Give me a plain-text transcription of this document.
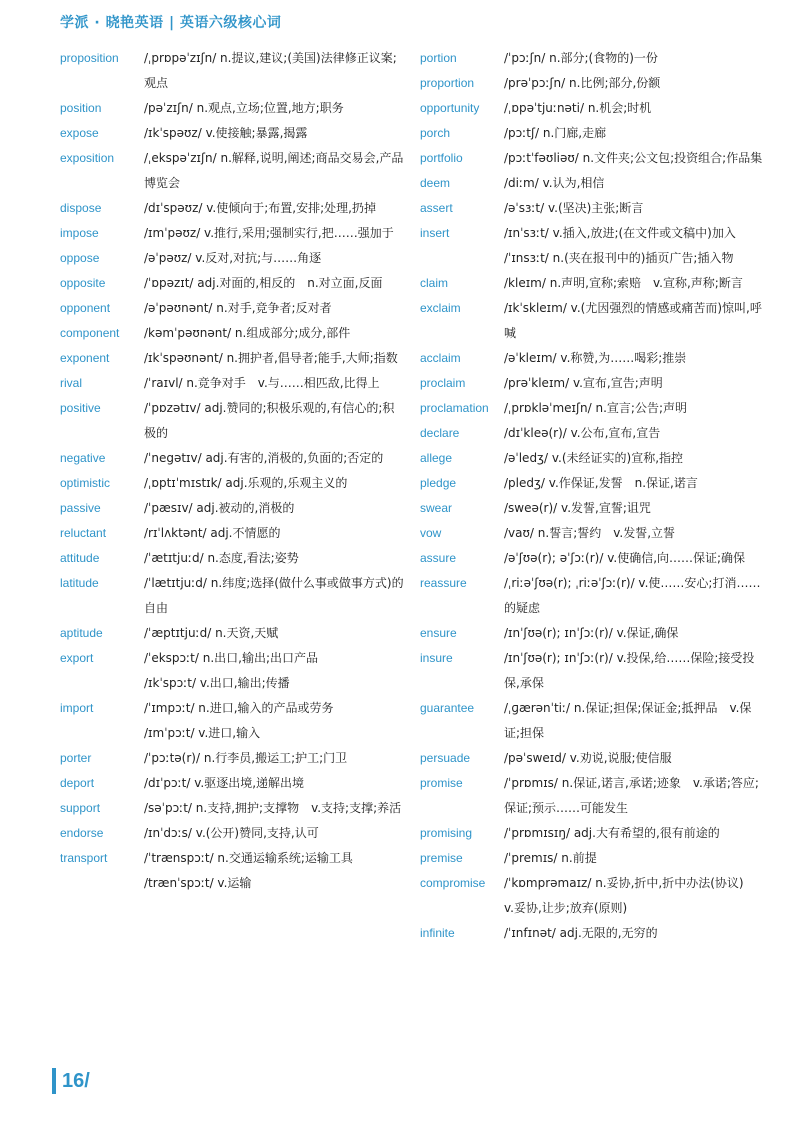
学派 · 晓艳英语 | 英语六级核心词
proposition	/ˌprɒpəˈzɪʃn/ n.提议,建议;(美国)法律修正议案;观点
position	/pəˈzɪʃn/ n.观点,立场;位置,地方;职务
expose	/ɪkˈspəʊz/ v.使接触;暴露,揭露
exposition	/ˌekspəˈzɪʃn/ n.解释,说明,阐述;商品交易会,产品博览会
dispose	/dɪˈspəʊz/ v.使倾向于;布置,安排;处理,扔掉
impose	/ɪmˈpəʊz/ v.推行,采用;强制实行,把……强加于
oppose	/əˈpəʊz/ v.反对,对抗;与……角逐
opposite	/ˈɒpəzɪt/ adj.对面的,相反的　n.对立面,反面
opponent	/əˈpəʊnənt/ n.对手,竞争者;反对者
component	/kəmˈpəʊnənt/ n.组成部分;成分,部件
exponent	/ɪkˈspəʊnənt/ n.拥护者,倡导者;能手,大师;指数
rival	/ˈraɪvl/ n.竞争对手　v.与……相匹敌,比得上
positive	/ˈpɒzətɪv/ adj.赞同的;积极乐观的,有信心的;积极的
negative	/ˈnegətɪv/ adj.有害的,消极的,负面的;否定的
optimistic	/ˌɒptɪˈmɪstɪk/ adj.乐观的,乐观主义的
passive	/ˈpæsɪv/ adj.被动的,消极的
reluctant	/rɪˈlʌktənt/ adj.不情愿的
attitude	/ˈætɪtjuːd/ n.态度,看法;姿势
latitude	/ˈlætɪtjuːd/ n.纬度;选择(做什么事或做事方式)的自由
aptitude	/ˈæptɪtjuːd/ n.天资,天赋
export	/ˈekspɔːt/ n.出口,输出;出口产品
/ɪkˈspɔːt/ v.出口,输出;传播
import	/ˈɪmpɔːt/ n.进口,输入的产品或劳务
/ɪmˈpɔːt/ v.进口,输入
porter	/ˈpɔːtə(r)/ n.行李员,搬运工;护工;门卫
deport	/dɪˈpɔːt/ v.驱逐出境,递解出境
support	/səˈpɔːt/ n.支持,拥护;支撑物　v.支持;支撑;养活
endorse	/ɪnˈdɔːs/ v.(公开)赞同,支持,认可
transport	/ˈtrænspɔːt/ n.交通运输系统;运输工具
/trænˈspɔːt/ v.运输
portion	/ˈpɔːʃn/ n.部分;(食物的)一份
proportion	/prəˈpɔːʃn/ n.比例;部分,份额
opportunity	/ˌɒpəˈtjuːnəti/ n.机会;时机
porch	/pɔːtʃ/ n.门廊,走廊
portfolio	/pɔːtˈfəʊliəʊ/ n.文件夹;公文包;投资组合;作品集
deem	/diːm/ v.认为,相信
assert	/əˈsɜːt/ v.(坚决)主张;断言
insert	/ɪnˈsɜːt/ v.插入,放进;(在文件或文稿中)加入
/ˈɪnsɜːt/ n.(夹在报刊中的)插页广告;插入物
claim	/kleɪm/ n.声明,宣称;索赔　v.宣称,声称;断言
exclaim	/ɪkˈskleɪm/ v.(尤因强烈的情感或痛苦而)惊叫,呼喊
acclaim	/əˈkleɪm/ v.称赞,为……喝彩;推崇
proclaim	/prəˈkleɪm/ v.宣布,宣告;声明
proclamation	/ˌprɒkləˈmeɪʃn/ n.宣言;公告;声明
declare	/dɪˈkleə(r)/ v.公布,宣布,宣告
allege	/əˈledʒ/ v.(未经证实的)宣称,指控
pledge	/pledʒ/ v.作保证,发誓　n.保证,诺言
swear	/sweə(r)/ v.发誓,宣誓;诅咒
vow	/vaʊ/ n.誓言;誓约　v.发誓,立誓
assure	/əˈʃʊə(r); əˈʃɔː(r)/ v.使确信,向……保证;确保
reassure	/ˌriːəˈʃʊə(r); ˌriːəˈʃɔː(r)/ v.使……安心;打消……的疑虑
ensure	/ɪnˈʃʊə(r); ɪnˈʃɔː(r)/ v.保证,确保
insure	/ɪnˈʃʊə(r); ɪnˈʃɔː(r)/ v.投保,给……保险;接受投保,承保
guarantee	/ˌɡærənˈtiː/ n.保证;担保;保证金;抵押品　v.保证;担保
persuade	/pəˈsweɪd/ v.劝说,说服;使信服
promise	/ˈprɒmɪs/ n.保证,诺言,承诺;迹象　v.承诺;答应;保证;预示……可能发生
promising	/ˈprɒmɪsɪŋ/ adj.大有希望的,很有前途的
premise	/ˈpremɪs/ n.前提
compromise	/ˈkɒmprəmaɪz/ n.妥协,折中,折中办法(协议)　v.妥协,让步;放弃(原则)
infinite	/ˈɪnfɪnət/ adj.无限的,无穷的
16/
